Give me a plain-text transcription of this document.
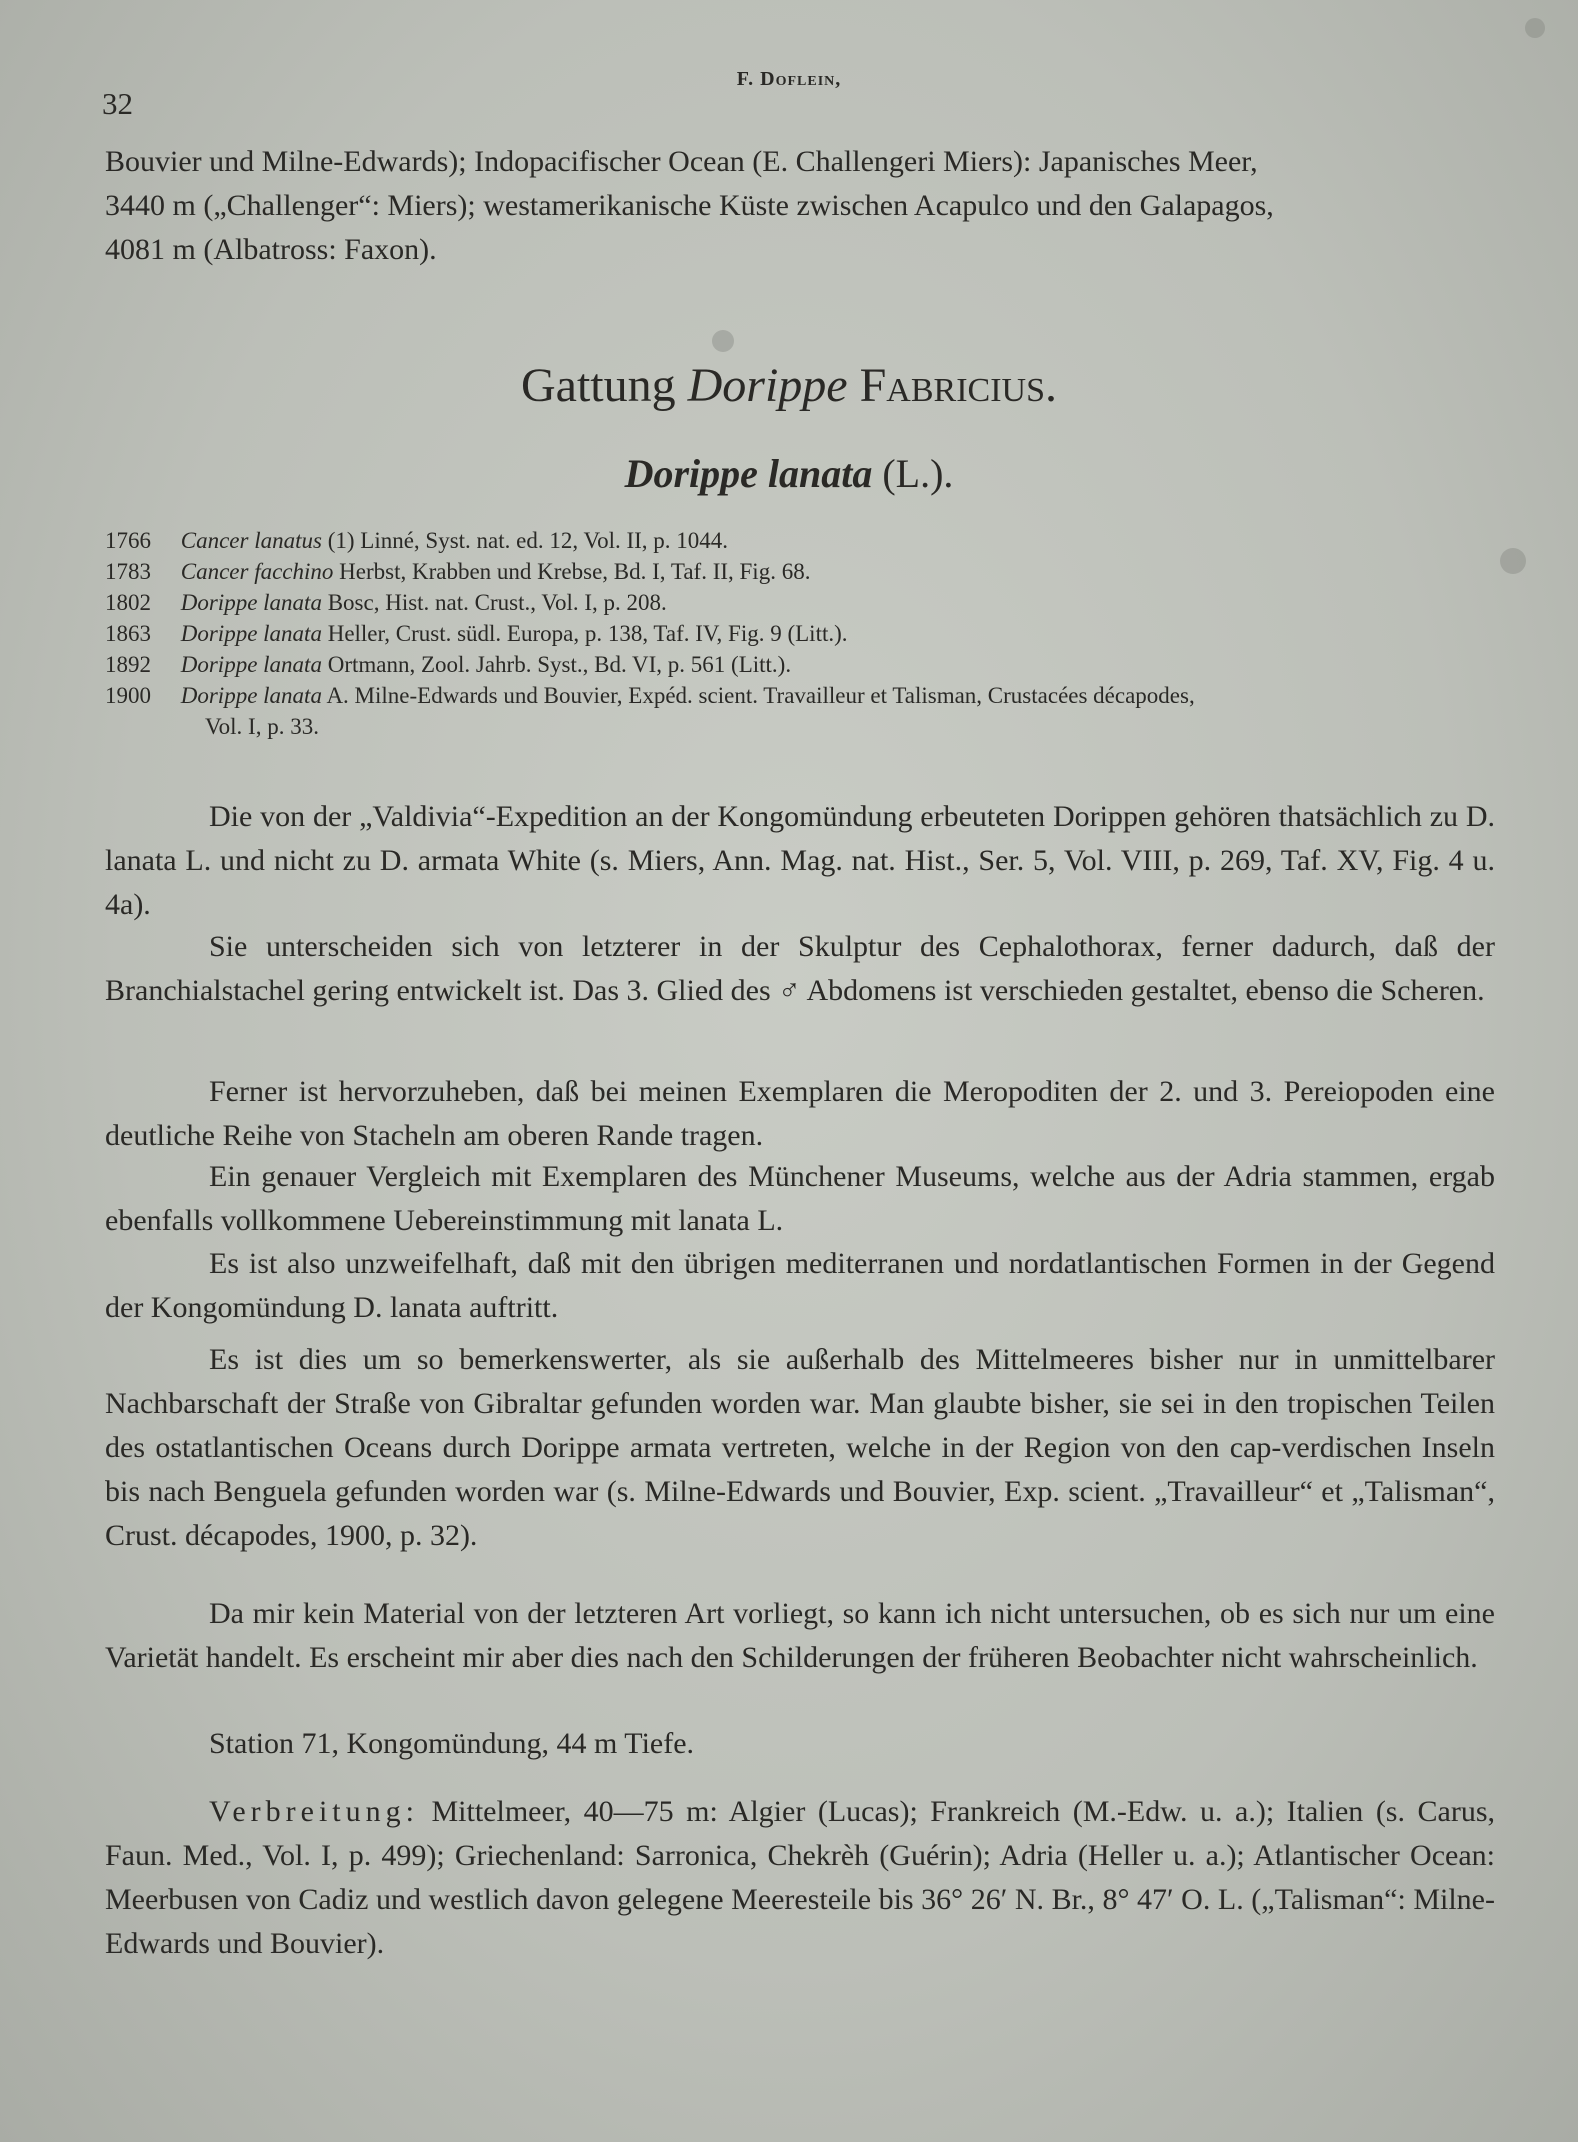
32
F. Doflein,
Bouvier und Milne-Edwards); Indopacifischer Ocean (E. Challengeri Miers): Japanisches Meer,
3440 m („Challenger“: Miers); westamerikanische Küste zwischen Acapulco und den Galapagos,
4081 m (Albatross: Faxon).
Gattung Dorippe Fabricius.
Dorippe lanata (L.).
1766 Cancer lanatus (1) Linné, Syst. nat. ed. 12, Vol. II, p. 1044.
1783 Cancer facchino Herbst, Krabben und Krebse, Bd. I, Taf. II, Fig. 68.
1802 Dorippe lanata Bosc, Hist. nat. Crust., Vol. I, p. 208.
1863 Dorippe lanata Heller, Crust. südl. Europa, p. 138, Taf. IV, Fig. 9 (Litt.).
1892 Dorippe lanata Ortmann, Zool. Jahrb. Syst., Bd. VI, p. 561 (Litt.).
1900 Dorippe lanata A. Milne-Edwards und Bouvier, Expéd. scient. Travailleur et Talisman, Crustacées décapodes,
Vol. I, p. 33.
Die von der „Valdivia“-Expedition an der Kongomündung erbeuteten Dorippen gehören thatsächlich zu D. lanata L. und nicht zu D. armata White (s. Miers, Ann. Mag. nat. Hist., Ser. 5, Vol. VIII, p. 269, Taf. XV, Fig. 4 u. 4a).
Sie unterscheiden sich von letzterer in der Skulptur des Cephalothorax, ferner dadurch, daß der Branchialstachel gering entwickelt ist. Das 3. Glied des ♂ Abdomens ist verschieden gestaltet, ebenso die Scheren.
Ferner ist hervorzuheben, daß bei meinen Exemplaren die Meropoditen der 2. und 3. Pereiopoden eine deutliche Reihe von Stacheln am oberen Rande tragen.
Ein genauer Vergleich mit Exemplaren des Münchener Museums, welche aus der Adria stammen, ergab ebenfalls vollkommene Uebereinstimmung mit lanata L.
Es ist also unzweifelhaft, daß mit den übrigen mediterranen und nordatlantischen Formen in der Gegend der Kongomündung D. lanata auftritt.
Es ist dies um so bemerkenswerter, als sie außerhalb des Mittelmeeres bisher nur in unmittelbarer Nachbarschaft der Straße von Gibraltar gefunden worden war. Man glaubte bisher, sie sei in den tropischen Teilen des ostatlantischen Oceans durch Dorippe armata vertreten, welche in der Region von den cap-verdischen Inseln bis nach Benguela gefunden worden war (s. Milne-Edwards und Bouvier, Exp. scient. „Travailleur“ et „Talisman“, Crust. décapodes, 1900, p. 32).
Da mir kein Material von der letzteren Art vorliegt, so kann ich nicht untersuchen, ob es sich nur um eine Varietät handelt. Es erscheint mir aber dies nach den Schilderungen der früheren Beobachter nicht wahrscheinlich.
Station 71, Kongomündung, 44 m Tiefe.
Verbreitung: Mittelmeer, 40—75 m: Algier (Lucas); Frankreich (M.-Edw. u. a.); Italien (s. Carus, Faun. Med., Vol. I, p. 499); Griechenland: Sarronica, Chekrèh (Guérin); Adria (Heller u. a.); Atlantischer Ocean: Meerbusen von Cadiz und westlich davon gelegene Meeresteile bis 36° 26′ N. Br., 8° 47′ O. L. („Talisman“: Milne-Edwards und Bouvier).
